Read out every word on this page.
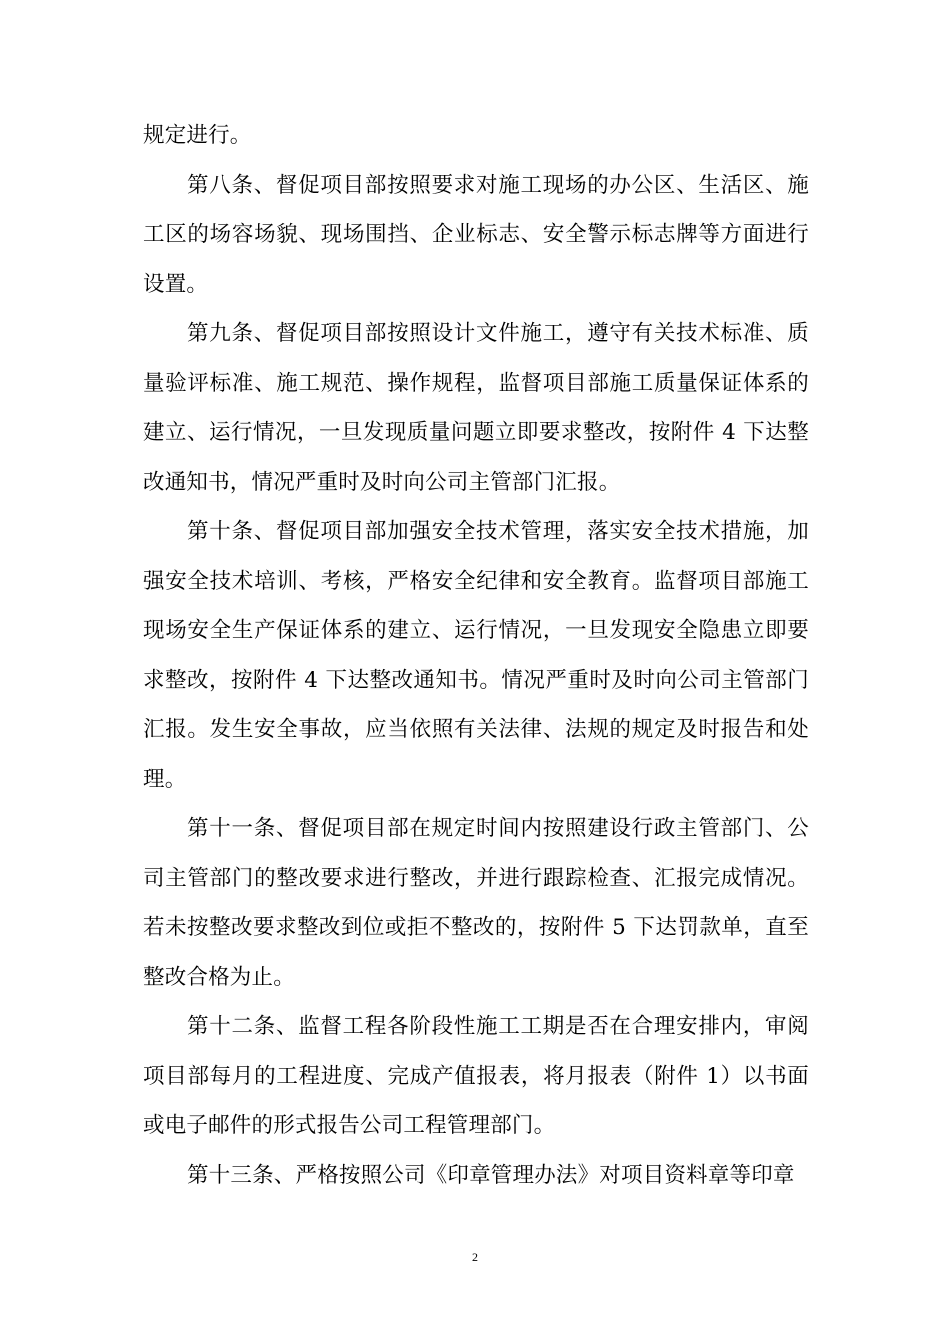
规定进行。

第八条、督促项目部按照要求对施工现场的办公区、生活区、施工区的场容场貌、现场围挡、企业标志、安全警示标志牌等方面进行设置。

第九条、督促项目部按照设计文件施工，遵守有关技术标准、质量验评标准、施工规范、操作规程，监督项目部施工质量保证体系的建立、运行情况，一旦发现质量问题立即要求整改，按附件 4 下达整改通知书，情况严重时及时向公司主管部门汇报。

第十条、督促项目部加强安全技术管理，落实安全技术措施，加强安全技术培训、考核，严格安全纪律和安全教育。监督项目部施工现场安全生产保证体系的建立、运行情况，一旦发现安全隐患立即要求整改，按附件 4 下达整改通知书。情况严重时及时向公司主管部门汇报。发生安全事故，应当依照有关法律、法规的规定及时报告和处理。

第十一条、督促项目部在规定时间内按照建设行政主管部门、公司主管部门的整改要求进行整改，并进行跟踪检查、汇报完成情况。若未按整改要求整改到位或拒不整改的，按附件 5 下达罚款单，直至整改合格为止。

第十二条、监督工程各阶段性施工工期是否在合理安排内，审阅项目部每月的工程进度、完成产值报表，将月报表（附件 1）以书面或电子邮件的形式报告公司工程管理部门。

第十三条、严格按照公司《印章管理办法》对项目资料章等印章

2
